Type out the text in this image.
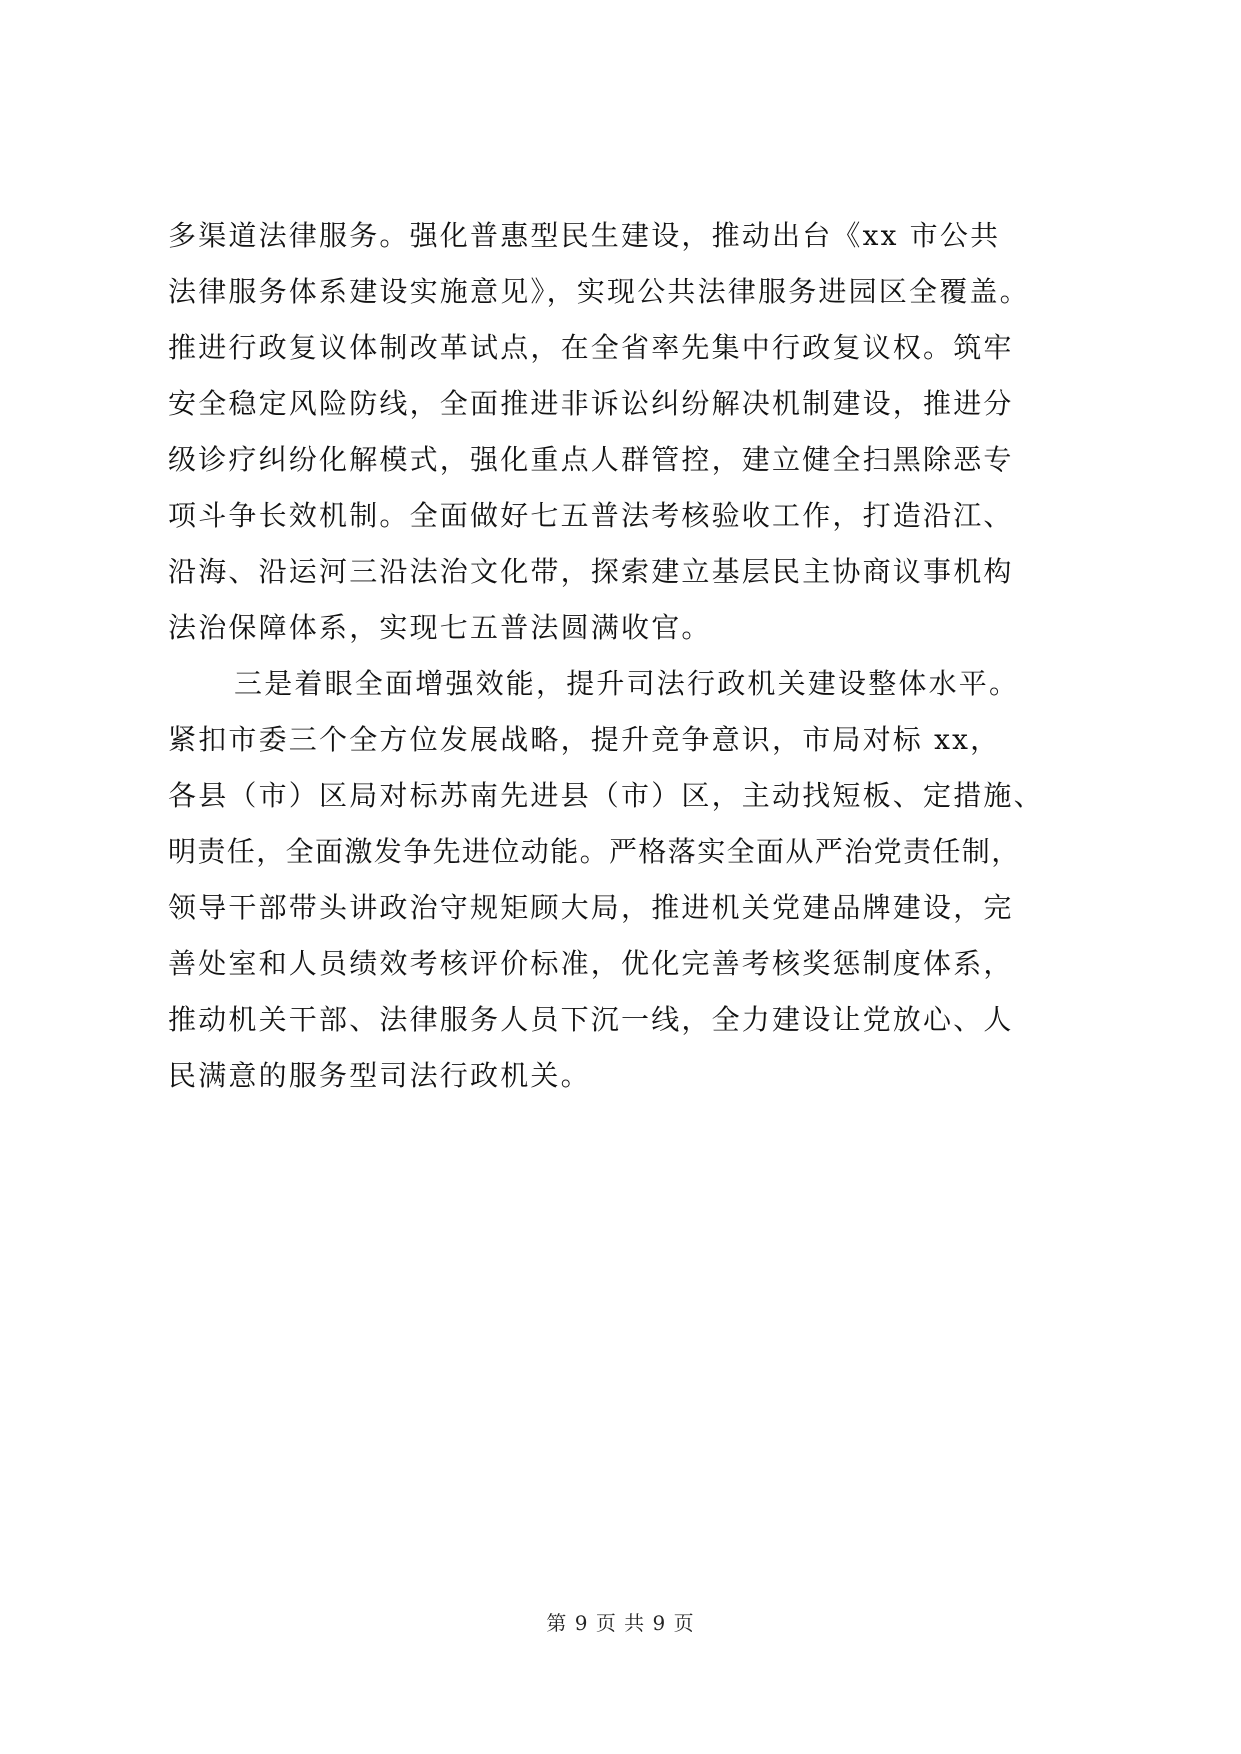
多渠道法律服务。强化普惠型民生建设，推动出台《xx 市公共
法律服务体系建设实施意见》，实现公共法律服务进园区全覆盖。
推进行政复议体制改革试点，在全省率先集中行政复议权。筑牢
安全稳定风险防线，全面推进非诉讼纠纷解决机制建设，推进分
级诊疗纠纷化解模式，强化重点人群管控，建立健全扫黑除恶专
项斗争长效机制。全面做好七五普法考核验收工作，打造沿江、
沿海、沿运河三沿法治文化带，探索建立基层民主协商议事机构
法治保障体系，实现七五普法圆满收官。
三是着眼全面增强效能，提升司法行政机关建设整体水平。
紧扣市委三个全方位发展战略，提升竞争意识，市局对标 xx，
各县（市）区局对标苏南先进县（市）区，主动找短板、定措施、
明责任，全面激发争先进位动能。严格落实全面从严治党责任制，
领导干部带头讲政治守规矩顾大局，推进机关党建品牌建设，完
善处室和人员绩效考核评价标准，优化完善考核奖惩制度体系，
推动机关干部、法律服务人员下沉一线，全力建设让党放心、人
民满意的服务型司法行政机关。
第 9 页 共 9 页
